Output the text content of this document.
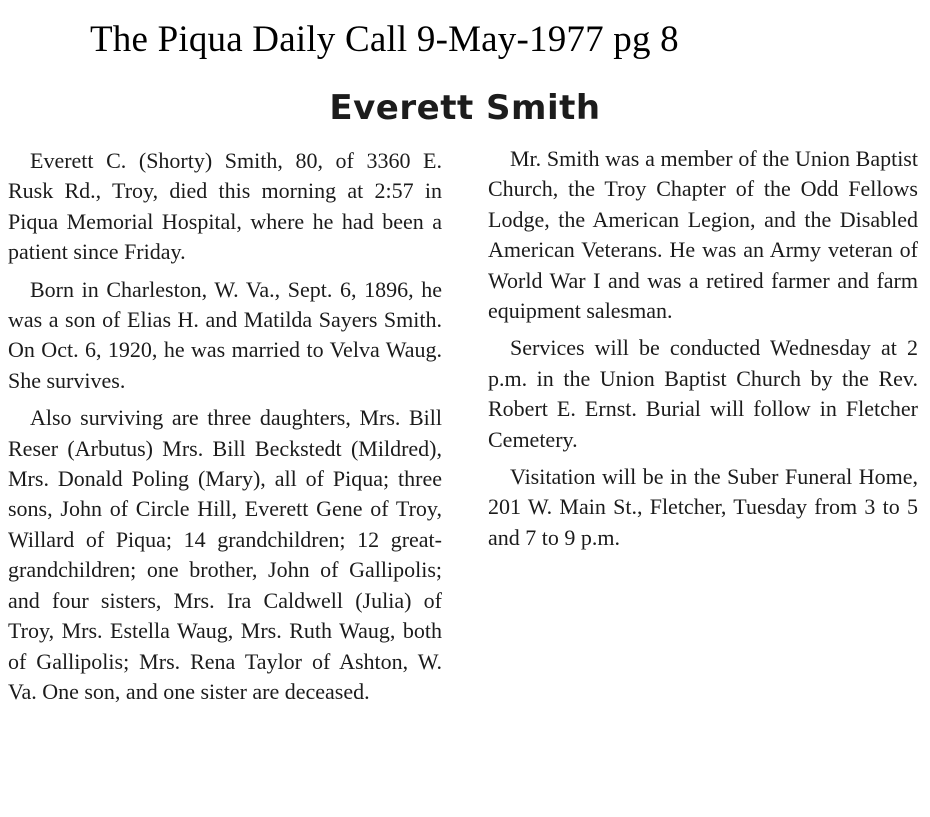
The Piqua Daily Call 9-May-1977 pg 8
Everett Smith

Everett C. (Shorty) Smith, 80, of 3360 E. Rusk Rd., Troy, died this morning at 2:57 in Piqua Memorial Hospital, where he had been a patient since Friday.

Born in Charleston, W. Va., Sept. 6, 1896, he was a son of Elias H. and Matilda Sayers Smith. On Oct. 6, 1920, he was married to Velva Waug. She survives.

Also surviving are three daughters, Mrs. Bill Reser (Arbutus) Mrs. Bill Beckstedt (Mildred), Mrs. Donald Poling (Mary), all of Piqua; three sons, John of Circle Hill, Everett Gene of Troy, Willard of Piqua; 14 grandchildren; 12 great-grandchildren; one brother, John of Gallipolis; and four sisters, Mrs. Ira Caldwell (Julia) of Troy, Mrs. Estella Waug, Mrs. Ruth Waug, both of Gallipolis; Mrs. Rena Taylor of Ashton, W. Va. One son, and one sister are deceased.

Mr. Smith was a member of the Union Baptist Church, the Troy Chapter of the Odd Fellows Lodge, the American Legion, and the Disabled American Veterans. He was an Army veteran of World War I and was a retired farmer and farm equipment salesman.

Services will be conducted Wednesday at 2 p.m. in the Union Baptist Church by the Rev. Robert E. Ernst. Burial will follow in Fletcher Cemetery.

Visitation will be in the Suber Funeral Home, 201 W. Main St., Fletcher, Tuesday from 3 to 5 and 7 to 9 p.m.
